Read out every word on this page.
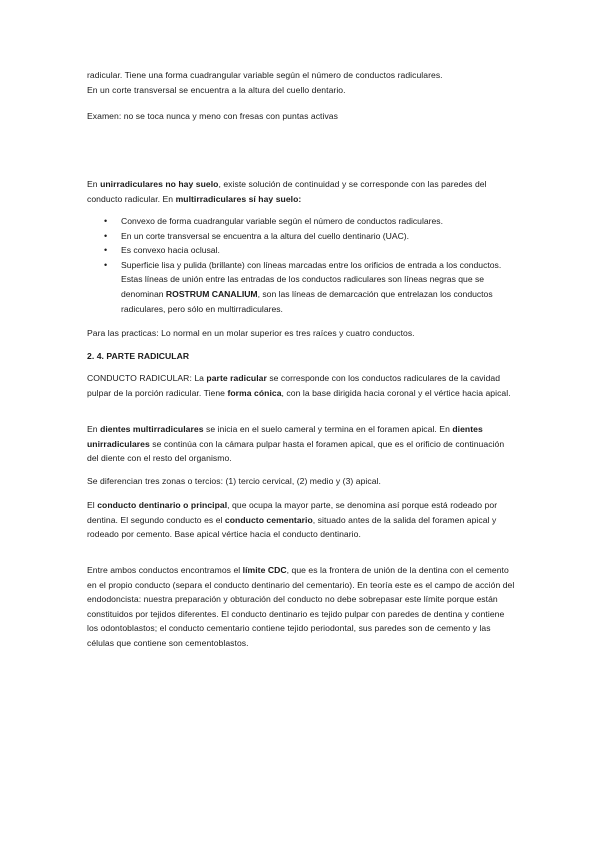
radicular. Tiene una forma cuadrangular variable según el número de conductos radiculares.
En un corte transversal se encuentra a la altura del cuello dentario.

Examen: no se toca nunca y meno con fresas con puntas activas

En unirradiculares no hay suelo, existe solución de continuidad y se corresponde con las paredes del conducto radicular. En multirradiculares sí hay suelo:

• Convexo de forma cuadrangular variable según el número de conductos radiculares.
• En un corte transversal se encuentra a la altura del cuello dentinario (UAC).
• Es convexo hacia oclusal.
• Superficie lisa y pulida (brillante) con líneas marcadas entre los orificios de entrada a los conductos. Estas líneas de unión entre las entradas de los conductos radiculares son líneas negras que se denominan ROSTRUM CANALIUM, son las líneas de demarcación que entrelazan los conductos radiculares, pero sólo en multirradiculares.

Para las practicas: Lo normal en un molar superior es tres raíces y cuatro conductos.

2. 4. PARTE RADICULAR

CONDUCTO RADICULAR: La parte radicular se corresponde con los conductos radiculares de la cavidad pulpar de la porción radicular. Tiene forma cónica, con la base dirigida hacia coronal y el vértice hacia apical.

En dientes multirradiculares se inicia en el suelo cameral y termina en el foramen apical. En dientes unirradiculares se continúa con la cámara pulpar hasta el foramen apical, que es el orificio de continuación del diente con el resto del organismo.

Se diferencian tres zonas o tercios: (1) tercio cervical, (2) medio y (3) apical.

El conducto dentinario o principal, que ocupa la mayor parte, se denomina así porque está rodeado por dentina. El segundo conducto es el conducto cementario, situado antes de la salida del foramen apical y rodeado por cemento. Base apical vértice hacia el conducto dentinario.

Entre ambos conductos encontramos el límite CDC, que es la frontera de unión de la dentina con el cemento en el propio conducto (separa el conducto dentinario del cementario). En teoría este es el campo de acción del endodoncista: nuestra preparación y obturación del conducto no debe sobrepasar este límite porque están constituidos por tejidos diferentes. El conducto dentinario es tejido pulpar con paredes de dentina y contiene los odontoblastos; el conducto cementario contiene tejido periodontal, sus paredes son de cemento y las células que contiene son cementoblastos.
